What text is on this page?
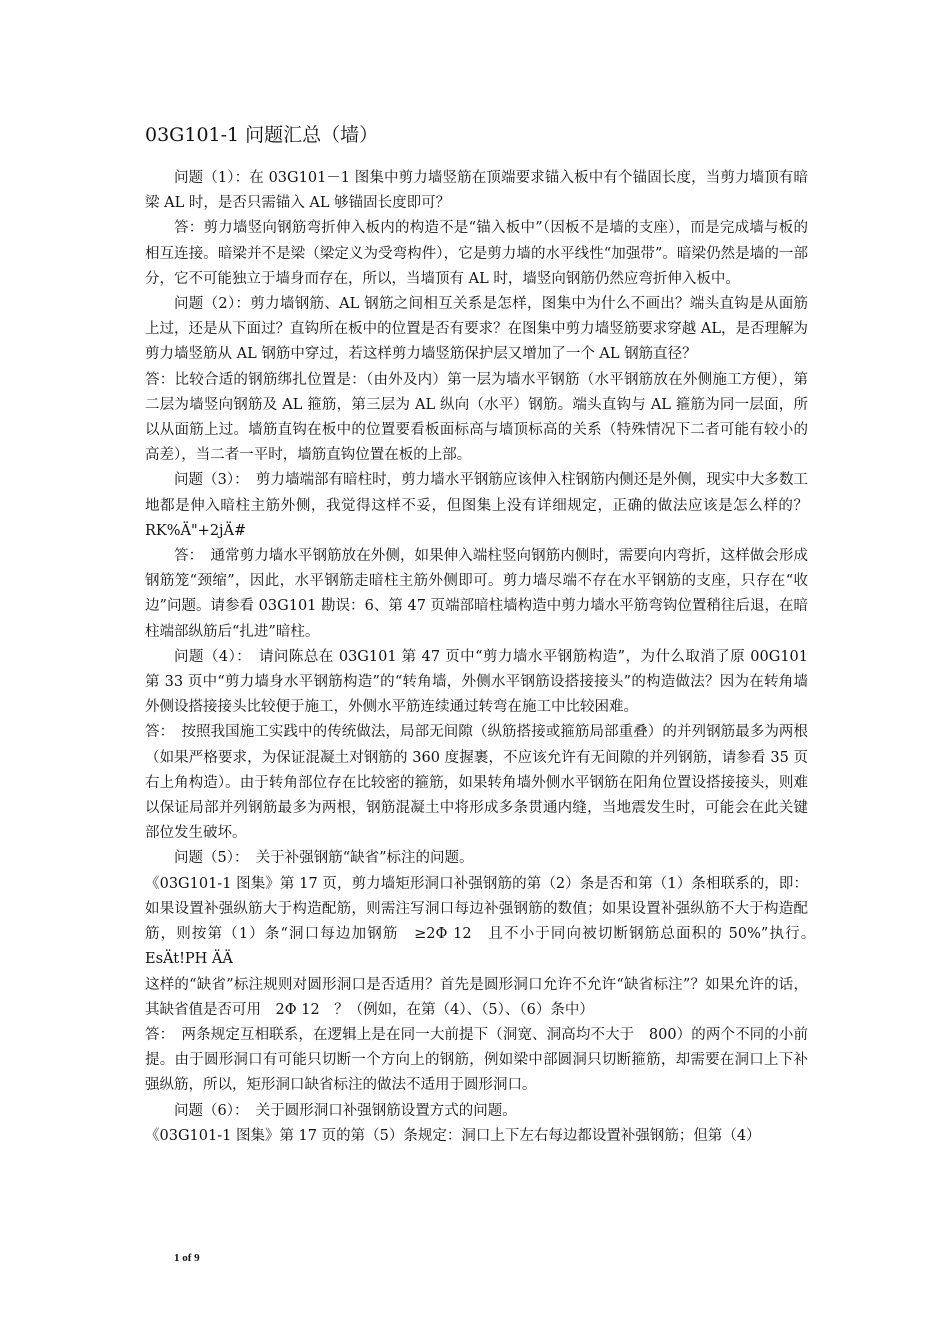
03G101-1 问题汇总（墙）

问题（1）：在 03G101－1 图集中剪力墙竖筋在顶端要求锚入板中有个锚固长度，当剪力墙顶有暗梁 AL 时，是否只需锚入 AL 够锚固长度即可？

答：剪力墙竖向钢筋弯折伸入板内的构造不是“锚入板中”（因板不是墙的支座），而是完成墙与板的相互连接。暗梁并不是梁（梁定义为受弯构件），它是剪力墙的水平线性“加强带”。暗梁仍然是墙的一部分，它不可能独立于墙身而存在，所以，当墙顶有 AL 时，墙竖向钢筋仍然应弯折伸入板中。

问题（2）：剪力墙钢筋、AL 钢筋之间相互关系是怎样，图集中为什么不画出？端头直钩是从面筋上过，还是从下面过？直钩所在板中的位置是否有要求？在图集中剪力墙竖筋要求穿越 AL，是否理解为剪力墙竖筋从 AL 钢筋中穿过，若这样剪力墙竖筋保护层又增加了一个 AL 钢筋直径？

答：比较合适的钢筋绑扎位置是：（由外及内）第一层为墙水平钢筋（水平钢筋放在外侧施工方便），第二层为墙竖向钢筋及 AL 箍筋，第三层为 AL 纵向（水平）钢筋。端头直钩与 AL 箍筋为同一层面，所以从面筋上过。墙筋直钩在板中的位置要看板面标高与墙顶标高的关系（特殊情况下二者可能有较小的高差），当二者一平时，墙筋直钩位置在板的上部。

问题（3）：　剪力墙端部有暗柱时，剪力墙水平钢筋应该伸入柱钢筋内侧还是外侧，现实中大多数工地都是伸入暗柱主筋外侧，我觉得这样不妥，但图集上没有详细规定，正确的做法应该是怎么样的？　RK%Ä"+2jÄ#

答：　通常剪力墙水平钢筋放在外侧，如果伸入端柱竖向钢筋内侧时，需要向内弯折，这样做会形成钢筋笼“颈缩”，因此，水平钢筋走暗柱主筋外侧即可。剪力墙尽端不存在水平钢筋的支座，只存在“收边”问题。请参看 03G101 勘误：6、第 47 页端部暗柱墙构造中剪力墙水平筋弯钩位置稍往后退，在暗柱端部纵筋后“扎进”暗柱。

问题（4）：　请问陈总在 03G101 第 47 页中“剪力墙水平钢筋构造”，为什么取消了原 00G101 第 33 页中“剪力墙身水平钢筋构造”的“转角墙，外侧水平钢筋设搭接接头”的构造做法？因为在转角墙外侧设搭接接头比较便于施工，外侧水平筋连续通过转弯在施工中比较困难。

答：　按照我国施工实践中的传统做法，局部无间隙（纵筋搭接或箍筋局部重叠）的并列钢筋最多为两根（如果严格要求，为保证混凝土对钢筋的 360 度握裹，不应该允许有无间隙的并列钢筋，请参看 35 页右上角构造）。由于转角部位存在比较密的箍筋，如果转角墙外侧水平钢筋在阳角位置设搭接接头，则难以保证局部并列钢筋最多为两根，钢筋混凝土中将形成多条贯通内缝，当地震发生时，可能会在此关键部位发生破坏。

问题（5）：　关于补强钢筋“缺省”标注的问题。

《03G101-1 图集》第 17 页，剪力墙矩形洞口补强钢筋的第（2）条是否和第（1）条相联系的，即：如果设置补强纵筋大于构造配筋，则需注写洞口每边补强钢筋的数值；如果设置补强纵筋不大于构造配筋，则按第（1）条“洞口每边加钢筋　≥2Φ 12　且不小于同向被切断钢筋总面积的 50%”执行。　EsÄt!PH ÄÄ

这样的“缺省”标注规则对圆形洞口是否适用？首先是圆形洞口允许不允许“缺省标注”？如果允许的话，其缺省值是否可用　2Φ 12　？（例如，在第（4）、（5）、（6）条中）

答：　两条规定互相联系，在逻辑上是在同一大前提下（洞宽、洞高均不大于　800）的两个不同的小前提。由于圆形洞口有可能只切断一个方向上的钢筋，例如梁中部圆洞只切断箍筋，却需要在洞口上下补强纵筋，所以，矩形洞口缺省标注的做法不适用于圆形洞口。

问题（6）：　关于圆形洞口补强钢筋设置方式的问题。

《03G101-1 图集》第 17 页的第（5）条规定：洞口上下左右每边都设置补强钢筋；但第（4）

1 of 9
